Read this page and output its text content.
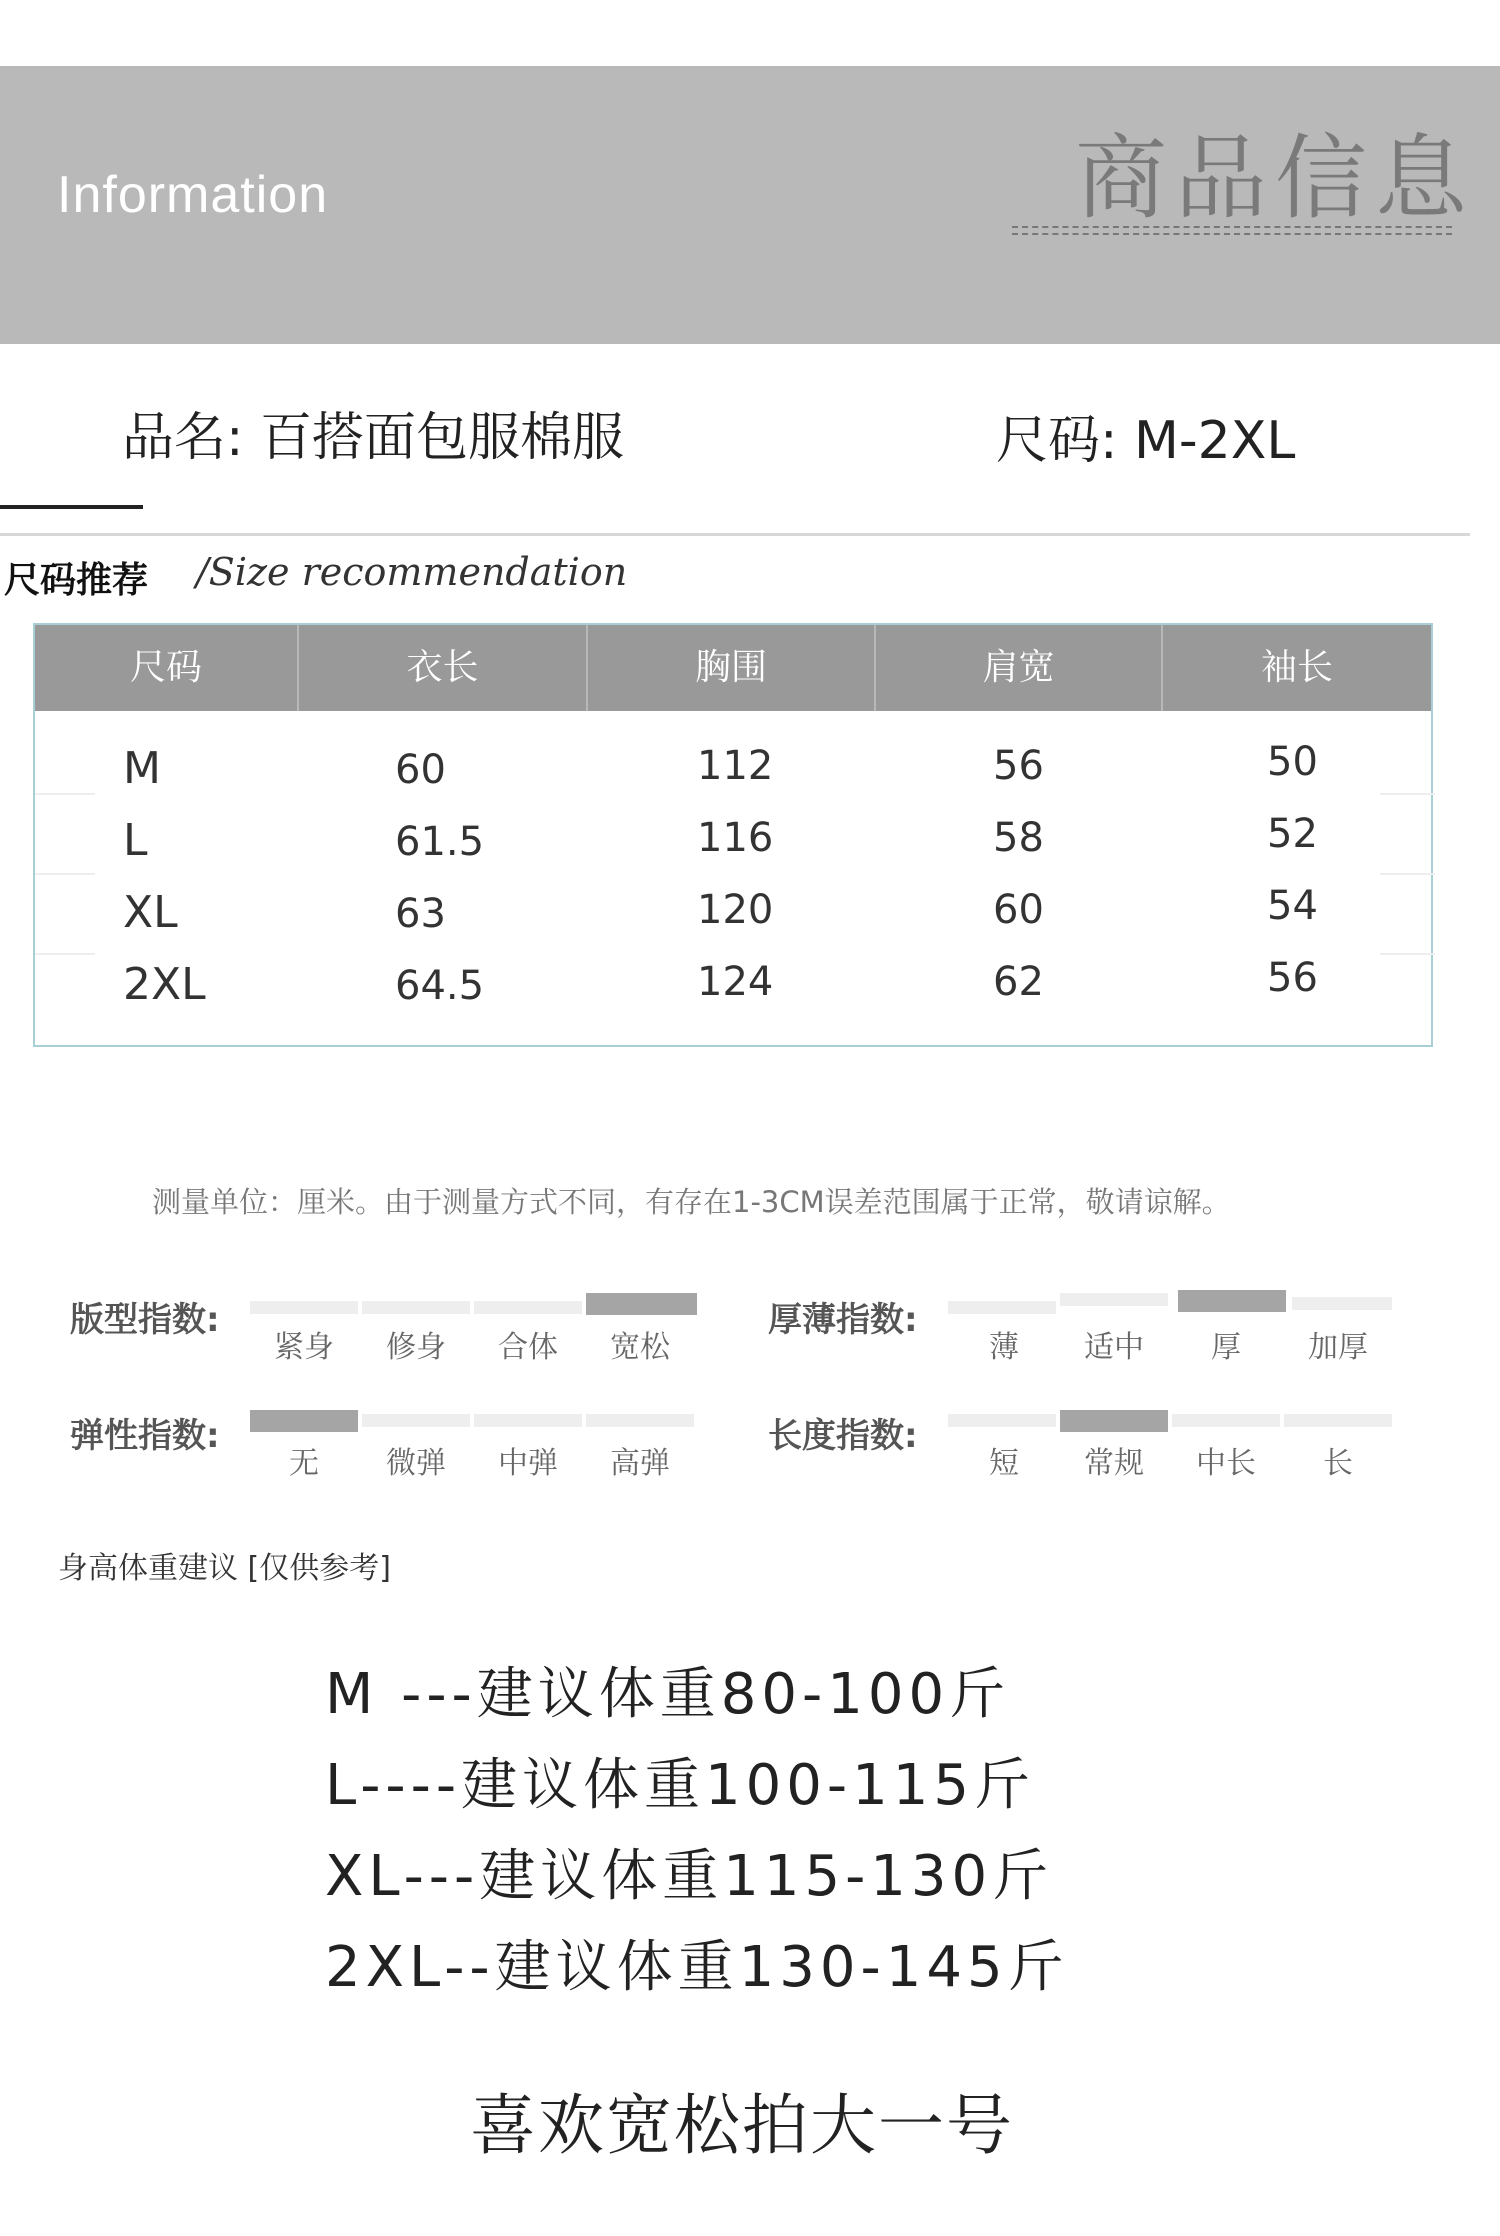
Information	商品信息
品名: 百搭面包服棉服	尺码: M-2XL
尺码推荐 /Size recommendation
尺码	衣长	胸围	肩宽	袖长
M	60	112	56	50
L	61.5	116	58	52
XL	63	120	60	54
2XL	64.5	124	62	56
测量单位：厘米。由于测量方式不同，有存在1-3CM误差范围属于正常，敬请谅解。
版型指数:
紧身	修身	合体	宽松
厚薄指数:
薄	适中	厚	加厚
弹性指数:
无	微弹	中弹	高弹
长度指数:
短	常规	中长	长
身高体重建议 [仅供参考]
M ---建议体重80-100斤
L----建议体重100-115斤
XL---建议体重115-130斤
2XL--建议体重130-145斤
喜欢宽松拍大一号
